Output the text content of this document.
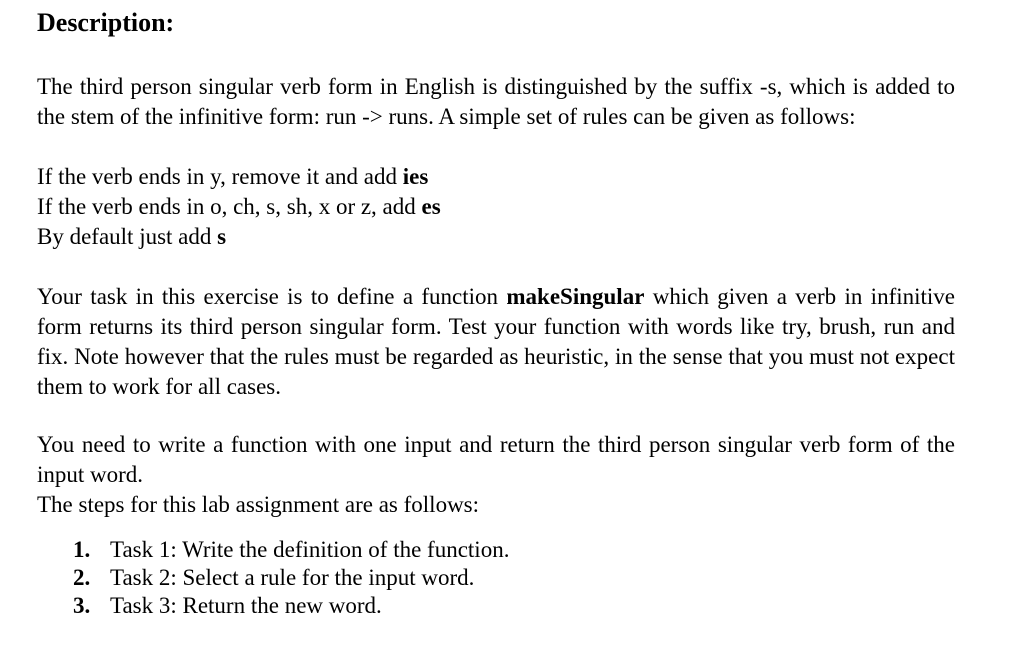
Description:

The third person singular verb form in English is distinguished by the suffix -s, which is added to the stem of the infinitive form: run -> runs. A simple set of rules can be given as follows:

If the verb ends in y, remove it and add ies
If the verb ends in o, ch, s, sh, x or z, add es
By default just add s

Your task in this exercise is to define a function makeSingular which given a verb in infinitive form returns its third person singular form. Test your function with words like try, brush, run and fix. Note however that the rules must be regarded as heuristic, in the sense that you must not expect them to work for all cases.

You need to write a function with one input and return the third person singular verb form of the input word.

The steps for this lab assignment are as follows:

1. Task 1: Write the definition of the function.
2. Task 2: Select a rule for the input word.
3. Task 3: Return the new word.
